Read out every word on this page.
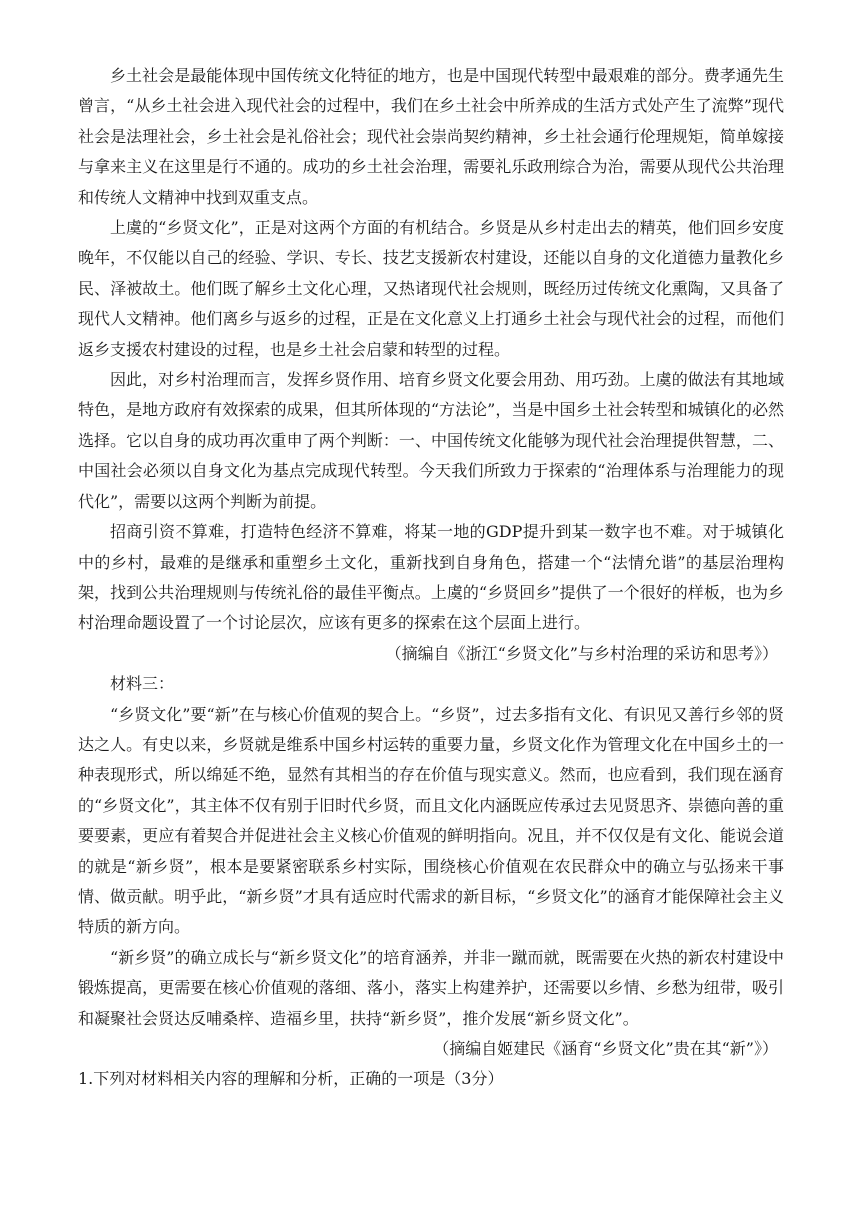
乡土社会是最能体现中国传统文化特征的地方，也是中国现代转型中最艰难的部分。费孝通先生曾言，“从乡土社会进入现代社会的过程中，我们在乡土社会中所养成的生活方式处产生了流弊”现代社会是法理社会，乡土社会是礼俗社会；现代社会崇尚契约精神，乡土社会通行伦理规矩，简单嫁接与拿来主义在这里是行不通的。成功的乡土社会治理，需要礼乐政刑综合为治，需要从现代公共治理和传统人文精神中找到双重支点。

上虞的“乡贤文化”，正是对这两个方面的有机结合。乡贤是从乡村走出去的精英，他们回乡安度晚年，不仅能以自己的经验、学识、专长、技艺支援新农村建设，还能以自身的文化道德力量教化乡民、泽被故土。他们既了解乡土文化心理，又热诸现代社会规则，既经历过传统文化熏陶，又具备了现代人文精神。他们离乡与返乡的过程，正是在文化意义上打通乡土社会与现代社会的过程，而他们返乡支援农村建设的过程，也是乡土社会启蒙和转型的过程。

因此，对乡村治理而言，发挥乡贤作用、培育乡贤文化要会用劲、用巧劲。上虞的做法有其地域特色，是地方政府有效探索的成果，但其所体现的“方法论”，当是中国乡土社会转型和城镇化的必然选择。它以自身的成功再次重申了两个判断：一、中国传统文化能够为现代社会治理提供智慧，二、中国社会必须以自身文化为基点完成现代转型。今天我们所致力于探索的“治理体系与治理能力的现代化”，需要以这两个判断为前提。

招商引资不算难，打造特色经济不算难，将某一地的GDP提升到某一数字也不难。对于城镇化中的乡村，最难的是继承和重塑乡土文化，重新找到自身角色，搭建一个“法情允谐”的基层治理构架，找到公共治理规则与传统礼俗的最佳平衡点。上虞的“乡贤回乡”提供了一个很好的样板，也为乡村治理命题设置了一个讨论层次，应该有更多的探索在这个层面上进行。

（摘编自《浙江“乡贤文化”与乡村治理的采访和思考》）

材料三：

“乡贤文化”要“新”在与核心价值观的契合上。“乡贤”，过去多指有文化、有识见又善行乡邻的贤达之人。有史以来，乡贤就是维系中国乡村运转的重要力量，乡贤文化作为管理文化在中国乡土的一种表现形式，所以绵延不绝，显然有其相当的存在价值与现实意义。然而，也应看到，我们现在涵育的“乡贤文化”，其主体不仅有别于旧时代乡贤，而且文化内涵既应传承过去见贤思齐、崇德向善的重要要素，更应有着契合并促进社会主义核心价值观的鲜明指向。况且，并不仅仅是有文化、能说会道的就是“新乡贤”，根本是要紧密联系乡村实际，围绕核心价值观在农民群众中的确立与弘扬来干事情、做贡献。明乎此，“新乡贤”才具有适应时代需求的新目标，“乡贤文化”的涵育才能保障社会主义特质的新方向。

“新乡贤”的确立成长与“新乡贤文化”的培育涵养，并非一蹴而就，既需要在火热的新农村建设中锻炼提高，更需要在核心价值观的落细、落小，落实上构建养护，还需要以乡情、乡愁为纽带，吸引和凝聚社会贤达反哺桑梓、造福乡里，扶持“新乡贤”，推介发展“新乡贤文化”。

（摘编自姬建民《涵育“乡贤文化”贵在其“新”》）

1.下列对材料相关内容的理解和分析，正确的一项是（3分）
